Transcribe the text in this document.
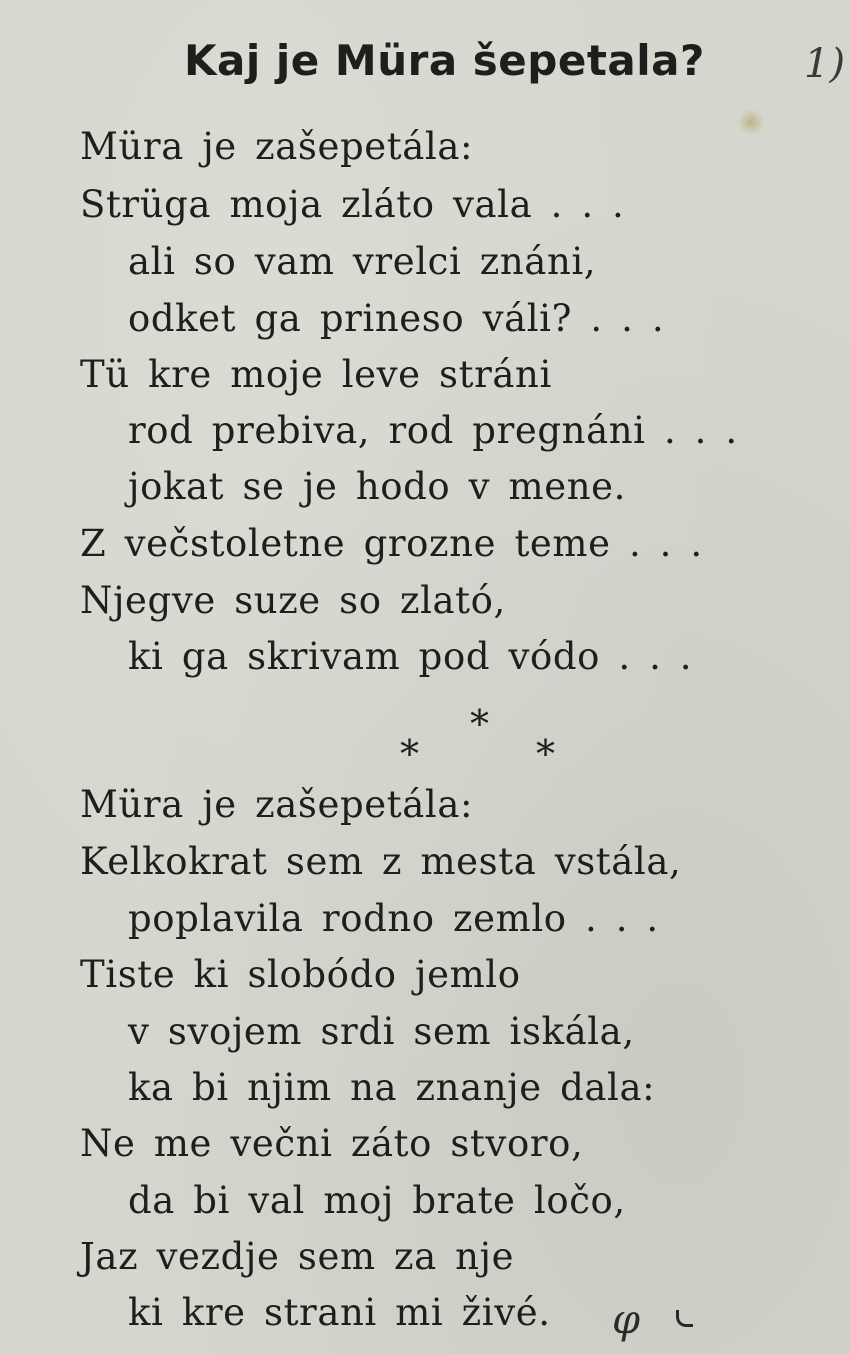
Kaj je Müra šepetala? 1)
Müra je zašepetála:
Strüga moja zláto vala . . .
ali so vam vrelci znáni,
odket ga prineso váli? . . .
Tü kre moje leve stráni
rod prebiva, rod pregnáni . . .
jokat se je hodo v mene.
Z večstoletne grozne teme . . .
Njegve suze so zlató,
ki ga skrivam pod vódo . . .
*
*	*
Müra je zašepetála:
Kelkokrat sem z mesta vstála,
poplavila rodno zemlo . . .
Tiste ki slobódo jemlo
v svojem srdi sem iskála,
ka bi njim na znanje dala:
Ne me večni záto stvoro,
da bi val moj brate ločo,
Jaz vezdje sem za nje
ki kre strani mi živé. φ
